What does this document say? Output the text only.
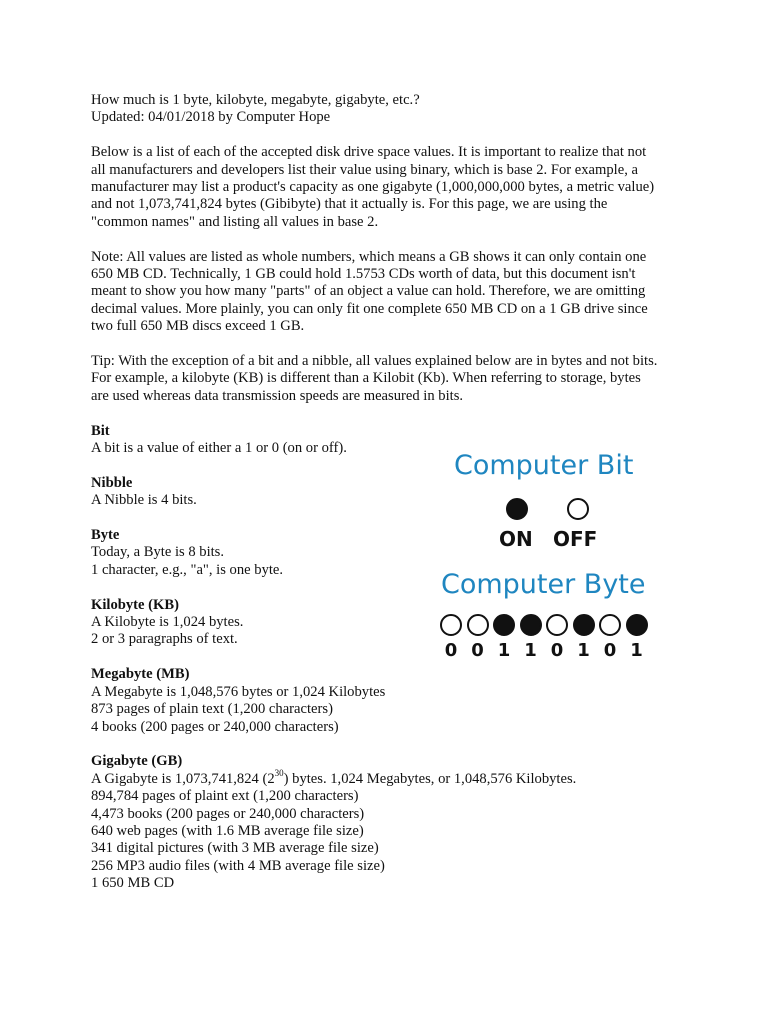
How much is 1 byte, kilobyte, megabyte, gigabyte, etc.?
Updated: 04/01/2018 by Computer Hope
Below is a list of each of the accepted disk drive space values. It is important to realize that not
all manufacturers and developers list their value using binary, which is base 2. For example, a
manufacturer may list a product's capacity as one gigabyte (1,000,000,000 bytes, a metric value)
and not 1,073,741,824 bytes (Gibibyte) that it actually is. For this page, we are using the
"common names" and listing all values in base 2.
Note: All values are listed as whole numbers, which means a GB shows it can only contain one
650 MB CD. Technically, 1 GB could hold 1.5753 CDs worth of data, but this document isn't
meant to show you how many "parts" of an object a value can hold. Therefore, we are omitting
decimal values. More plainly, you can only fit one complete 650 MB CD on a 1 GB drive since
two full 650 MB discs exceed 1 GB.
Tip: With the exception of a bit and a nibble, all values explained below are in bytes and not bits.
For example, a kilobyte (KB) is different than a Kilobit (Kb). When referring to storage, bytes
are used whereas data transmission speeds are measured in bits.
Bit
A bit is a value of either a 1 or 0 (on or off).
Nibble
A Nibble is 4 bits.
Byte
Today, a Byte is 8 bits.
1 character, e.g., "a", is one byte.
Kilobyte (KB)
A Kilobyte is 1,024 bytes.
2 or 3 paragraphs of text.
Megabyte (MB)
A Megabyte is 1,048,576 bytes or 1,024 Kilobytes
873 pages of plain text (1,200 characters)
4 books (200 pages or 240,000 characters)
Gigabyte (GB)
A Gigabyte is 1,073,741,824 $(2^{30})$ bytes. 1,024 Megabytes, or 1,048,576 Kilobytes.
894,784 pages of plaint ext (1,200 characters)
4,473 books (200 pages or 240,000 characters)
640 web pages (with 1.6 MB average file size)
341 digital pictures (with 3 MB average file size)
256 MP3 audio files (with 4 MB average file size)
1 650 MB CD
Computer Bit
ON OFF
Computer Byte
0 0 1 1 0 1 0 1
